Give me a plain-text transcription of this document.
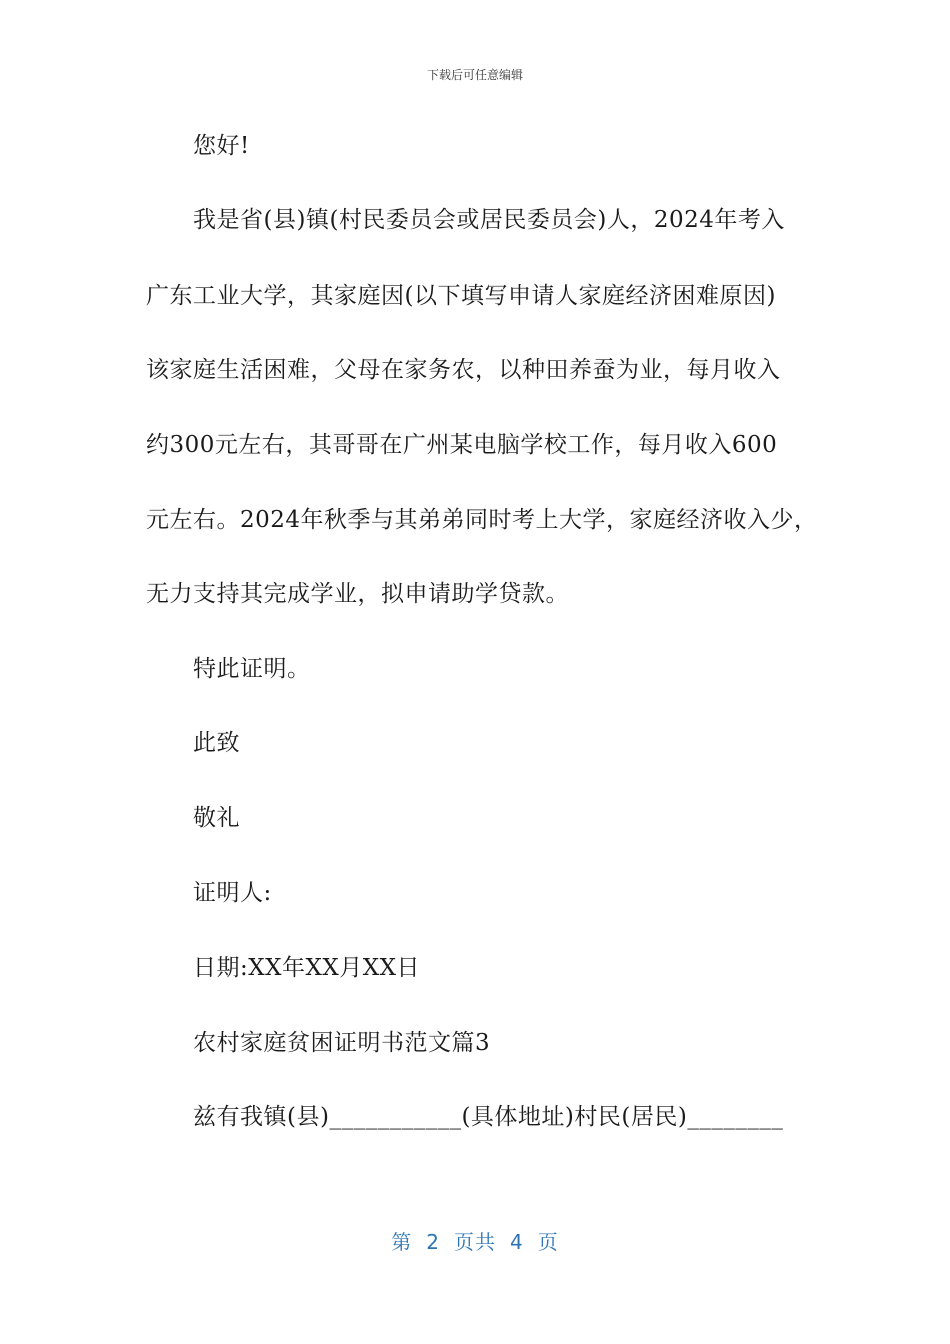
下载后可任意编辑
您好!
我是省(县)镇(村民委员会或居民委员会)人，2024年考入
广东工业大学，其家庭因(以下填写申请人家庭经济困难原因)
该家庭生活困难，父母在家务农，以种田养蚕为业，每月收入
约300元左右，其哥哥在广州某电脑学校工作，每月收入600
元左右。2024年秋季与其弟弟同时考上大学，家庭经济收入少，
无力支持其完成学业，拟申请助学贷款。
特此证明。
此致
敬礼
证明人:
日期:XX年XX月XX日
农村家庭贫困证明书范文篇3
兹有我镇(县)___________(具体地址)村民(居民)________
第 2 页共 4 页
